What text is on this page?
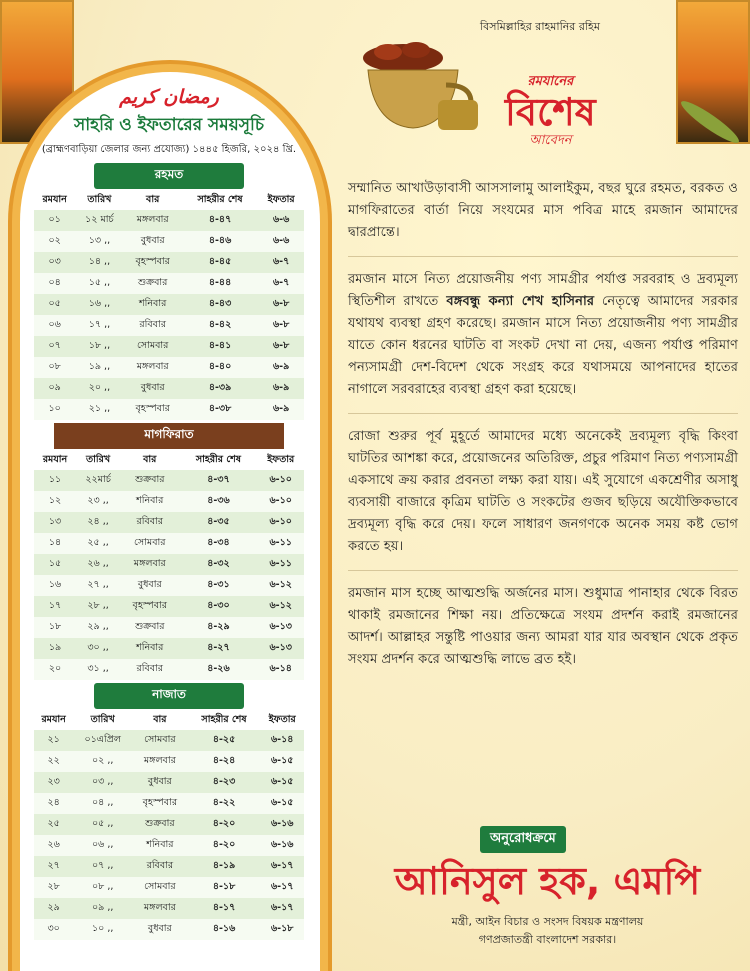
বিসমিল্লাহির রাহমানির রহিম
রমযানের
বিশেষ
আবেদন
رمضان كريم
সাহরি ও ইফতারের সময়সূচি
(ব্রাহ্মণবাড়িয়া জেলার জন্য প্রযোজ্য) ১৪৪৫ হিজরি, ২০২৪ খ্রি.
রহমত
রমযান	তারিখ	বার	সাহরীর শেষ	ইফতার
০১	১২ মার্চ	মঙ্গলবার	৪-৪৭	৬-৬
০২	১৩ ,,	বুধবার	৪-৪৬	৬-৬
০৩	১৪ ,,	বৃহস্পবার	৪-৪৫	৬-৭
০৪	১৫ ,,	শুক্রবার	৪-৪৪	৬-৭
০৫	১৬ ,,	শনিবার	৪-৪৩	৬-৮
০৬	১৭ ,,	রবিবার	৪-৪২	৬-৮
০৭	১৮ ,,	সোমবার	৪-৪১	৬-৮
০৮	১৯ ,,	মঙ্গলবার	৪-৪০	৬-৯
০৯	২০ ,,	বুধবার	৪-৩৯	৬-৯
১০	২১ ,,	বৃহস্পবার	৪-৩৮	৬-৯
মাগফিরাত
রমযান	তারিখ	বার	সাহরীর শেষ	ইফতার
১১	২২মার্চ	শুক্রবার	৪-৩৭	৬-১০
১২	২৩ ,,	শনিবার	৪-৩৬	৬-১০
১৩	২৪ ,,	রবিবার	৪-৩৫	৬-১০
১৪	২৫ ,,	সোমবার	৪-৩৪	৬-১১
১৫	২৬ ,,	মঙ্গলবার	৪-৩২	৬-১১
১৬	২৭ ,,	বুধবার	৪-৩১	৬-১২
১৭	২৮ ,,	বৃহস্পবার	৪-৩০	৬-১২
১৮	২৯ ,,	শুক্রবার	৪-২৯	৬-১৩
১৯	৩০ ,,	শনিবার	৪-২৭	৬-১৩
২০	৩১ ,,	রবিবার	৪-২৬	৬-১৪
নাজাত
রমযান	তারিখ	বার	সাহরীর শেষ	ইফতার
২১	০১এপ্রিল	সোমবার	৪-২৫	৬-১৪
২২	০২ ,,	মঙ্গলবার	৪-২৪	৬-১৫
২৩	০৩ ,,	বুধবার	৪-২৩	৬-১৫
২৪	০৪ ,,	বৃহস্পবার	৪-২২	৬-১৫
২৫	০৫ ,,	শুক্রবার	৪-২০	৬-১৬
২৬	০৬ ,,	শনিবার	৪-২০	৬-১৬
২৭	০৭ ,,	রবিবার	৪-১৯	৬-১৭
২৮	০৮ ,,	সোমবার	৪-১৮	৬-১৭
২৯	০৯ ,,	মঙ্গলবার	৪-১৭	৬-১৭
৩০	১০ ,,	বুধবার	৪-১৬	৬-১৮

সম্মানিত আখাউড়াবাসী আসসালামু আলাইকুম, বছর ঘুরে রহমত, বরকত ও মাগফিরাতের বার্তা নিয়ে সংযমের মাস পবিত্র মাহে রমজান আমাদের দ্বারপ্রান্তে।

রমজান মাসে নিত্য প্রয়োজনীয় পণ্য সামগ্রীর পর্যাপ্ত সরবরাহ ও দ্রব্যমূল্য স্থিতিশীল রাখতে বঙ্গবন্ধু কন্যা শেখ হাসিনার নেতৃত্বে আমাদের সরকার যথাযথ ব্যবস্থা গ্রহণ করেছে। রমজান মাসে নিত্য প্রয়োজনীয় পণ্য সামগ্রীর যাতে কোন ধরনের ঘাটতি বা সংকট দেখা না দেয়, এজন্য পর্যাপ্ত পরিমাণ পন্যসামগ্রী দেশ-বিদেশ থেকে সংগ্রহ করে যথাসময়ে আপনাদের হাতের নাগালে সরবরাহের ব্যবস্থা গ্রহণ করা হয়েছে।

রোজা শুরুর পূর্ব মুহূর্তে আমাদের মধ্যে অনেকেই দ্রব্যমূল্য বৃদ্ধি কিংবা ঘাটতির আশঙ্কা করে, প্রয়োজনের অতিরিক্ত, প্রচুর পরিমাণ নিত্য পণ্যসামগ্রী একসাথে ক্রয় করার প্রবনতা লক্ষ্য করা যায়। এই সুযোগে একশ্রেণীর অসাধু ব্যবসায়ী বাজারে কৃত্রিম ঘাটতি ও সংকটের গুজব ছড়িয়ে অযৌক্তিকভাবে দ্রব্যমূল্য বৃদ্ধি করে দেয়। ফলে সাধারণ জনগণকে অনেক সময় কষ্ট ভোগ করতে হয়।

রমজান মাস হচ্ছে আত্মশুদ্ধি অর্জনের মাস। শুধুমাত্র পানাহার থেকে বিরত থাকাই রমজানের শিক্ষা নয়। প্রতিক্ষেত্রে সংযম প্রদর্শন করাই রমজানের আদর্শ। আল্লাহর সন্তুষ্টি পাওয়ার জন্য আমরা যার যার অবস্থান থেকে প্রকৃত সংযম প্রদর্শন করে আত্মশুদ্ধি লাভে ব্রত হই।

অনুরোধক্রমে
আনিসুল হক, এমপি
মন্ত্রী, আইন বিচার ও সংসদ বিষয়ক মন্ত্রণালয়
গণপ্রজাতন্ত্রী বাংলাদেশ সরকার।
